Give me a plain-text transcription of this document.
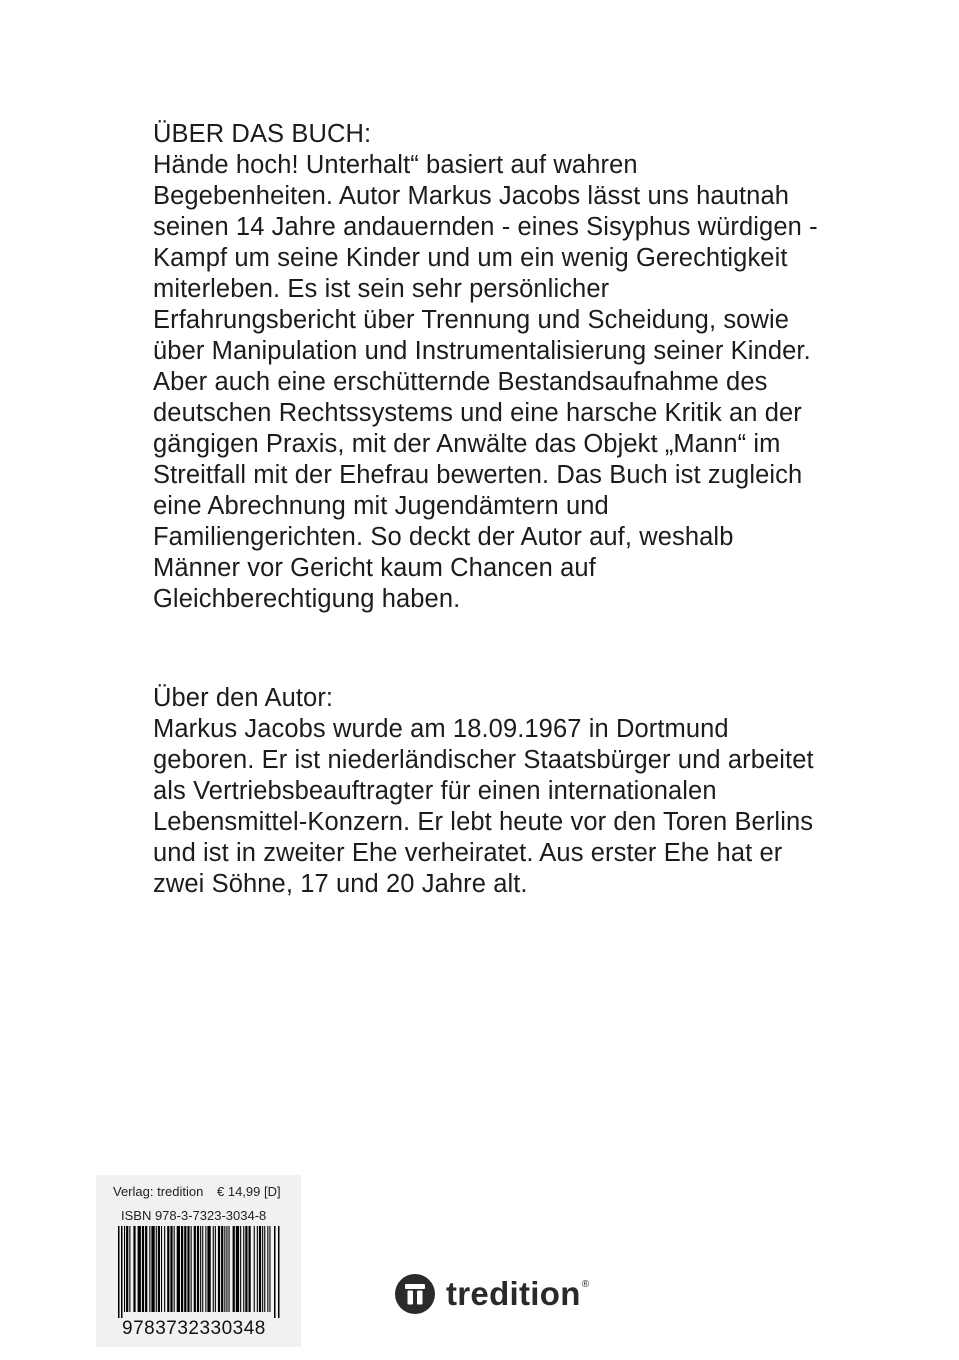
ÜBER DAS BUCH:
Hände hoch! Unterhalt“ basiert auf wahren
Begebenheiten. Autor Markus Jacobs lässt uns hautnah
seinen 14 Jahre andauernden - eines Sisyphus würdigen -
Kampf um seine Kinder und um ein wenig Gerechtigkeit
miterleben. Es ist sein sehr persönlicher
Erfahrungsbericht über Trennung und Scheidung, sowie
über Manipulation und Instrumentalisierung seiner Kinder.
Aber auch eine erschütternde Bestandsaufnahme des
deutschen Rechtssystems und eine harsche Kritik an der
gängigen Praxis, mit der Anwälte das Objekt „Mann“ im
Streitfall mit der Ehefrau bewerten. Das Buch ist zugleich
eine Abrechnung mit Jugendämtern und
Familiengerichten. So deckt der Autor auf, weshalb
Männer vor Gericht kaum Chancen auf
Gleichberechtigung haben.
Über den Autor:
Markus Jacobs wurde am 18.09.1967 in Dortmund
geboren. Er ist niederländischer Staatsbürger und arbeitet
als Vertriebsbeauftragter für einen internationalen
Lebensmittel-Konzern. Er lebt heute vor den Toren Berlins
und ist in zweiter Ehe verheiratet. Aus erster Ehe hat er
zwei Söhne, 17 und 20 Jahre alt.
Verlag: tredition € 14,99 [D]
ISBN 978-3-7323-3034-8
9783732330348
tredition ®
